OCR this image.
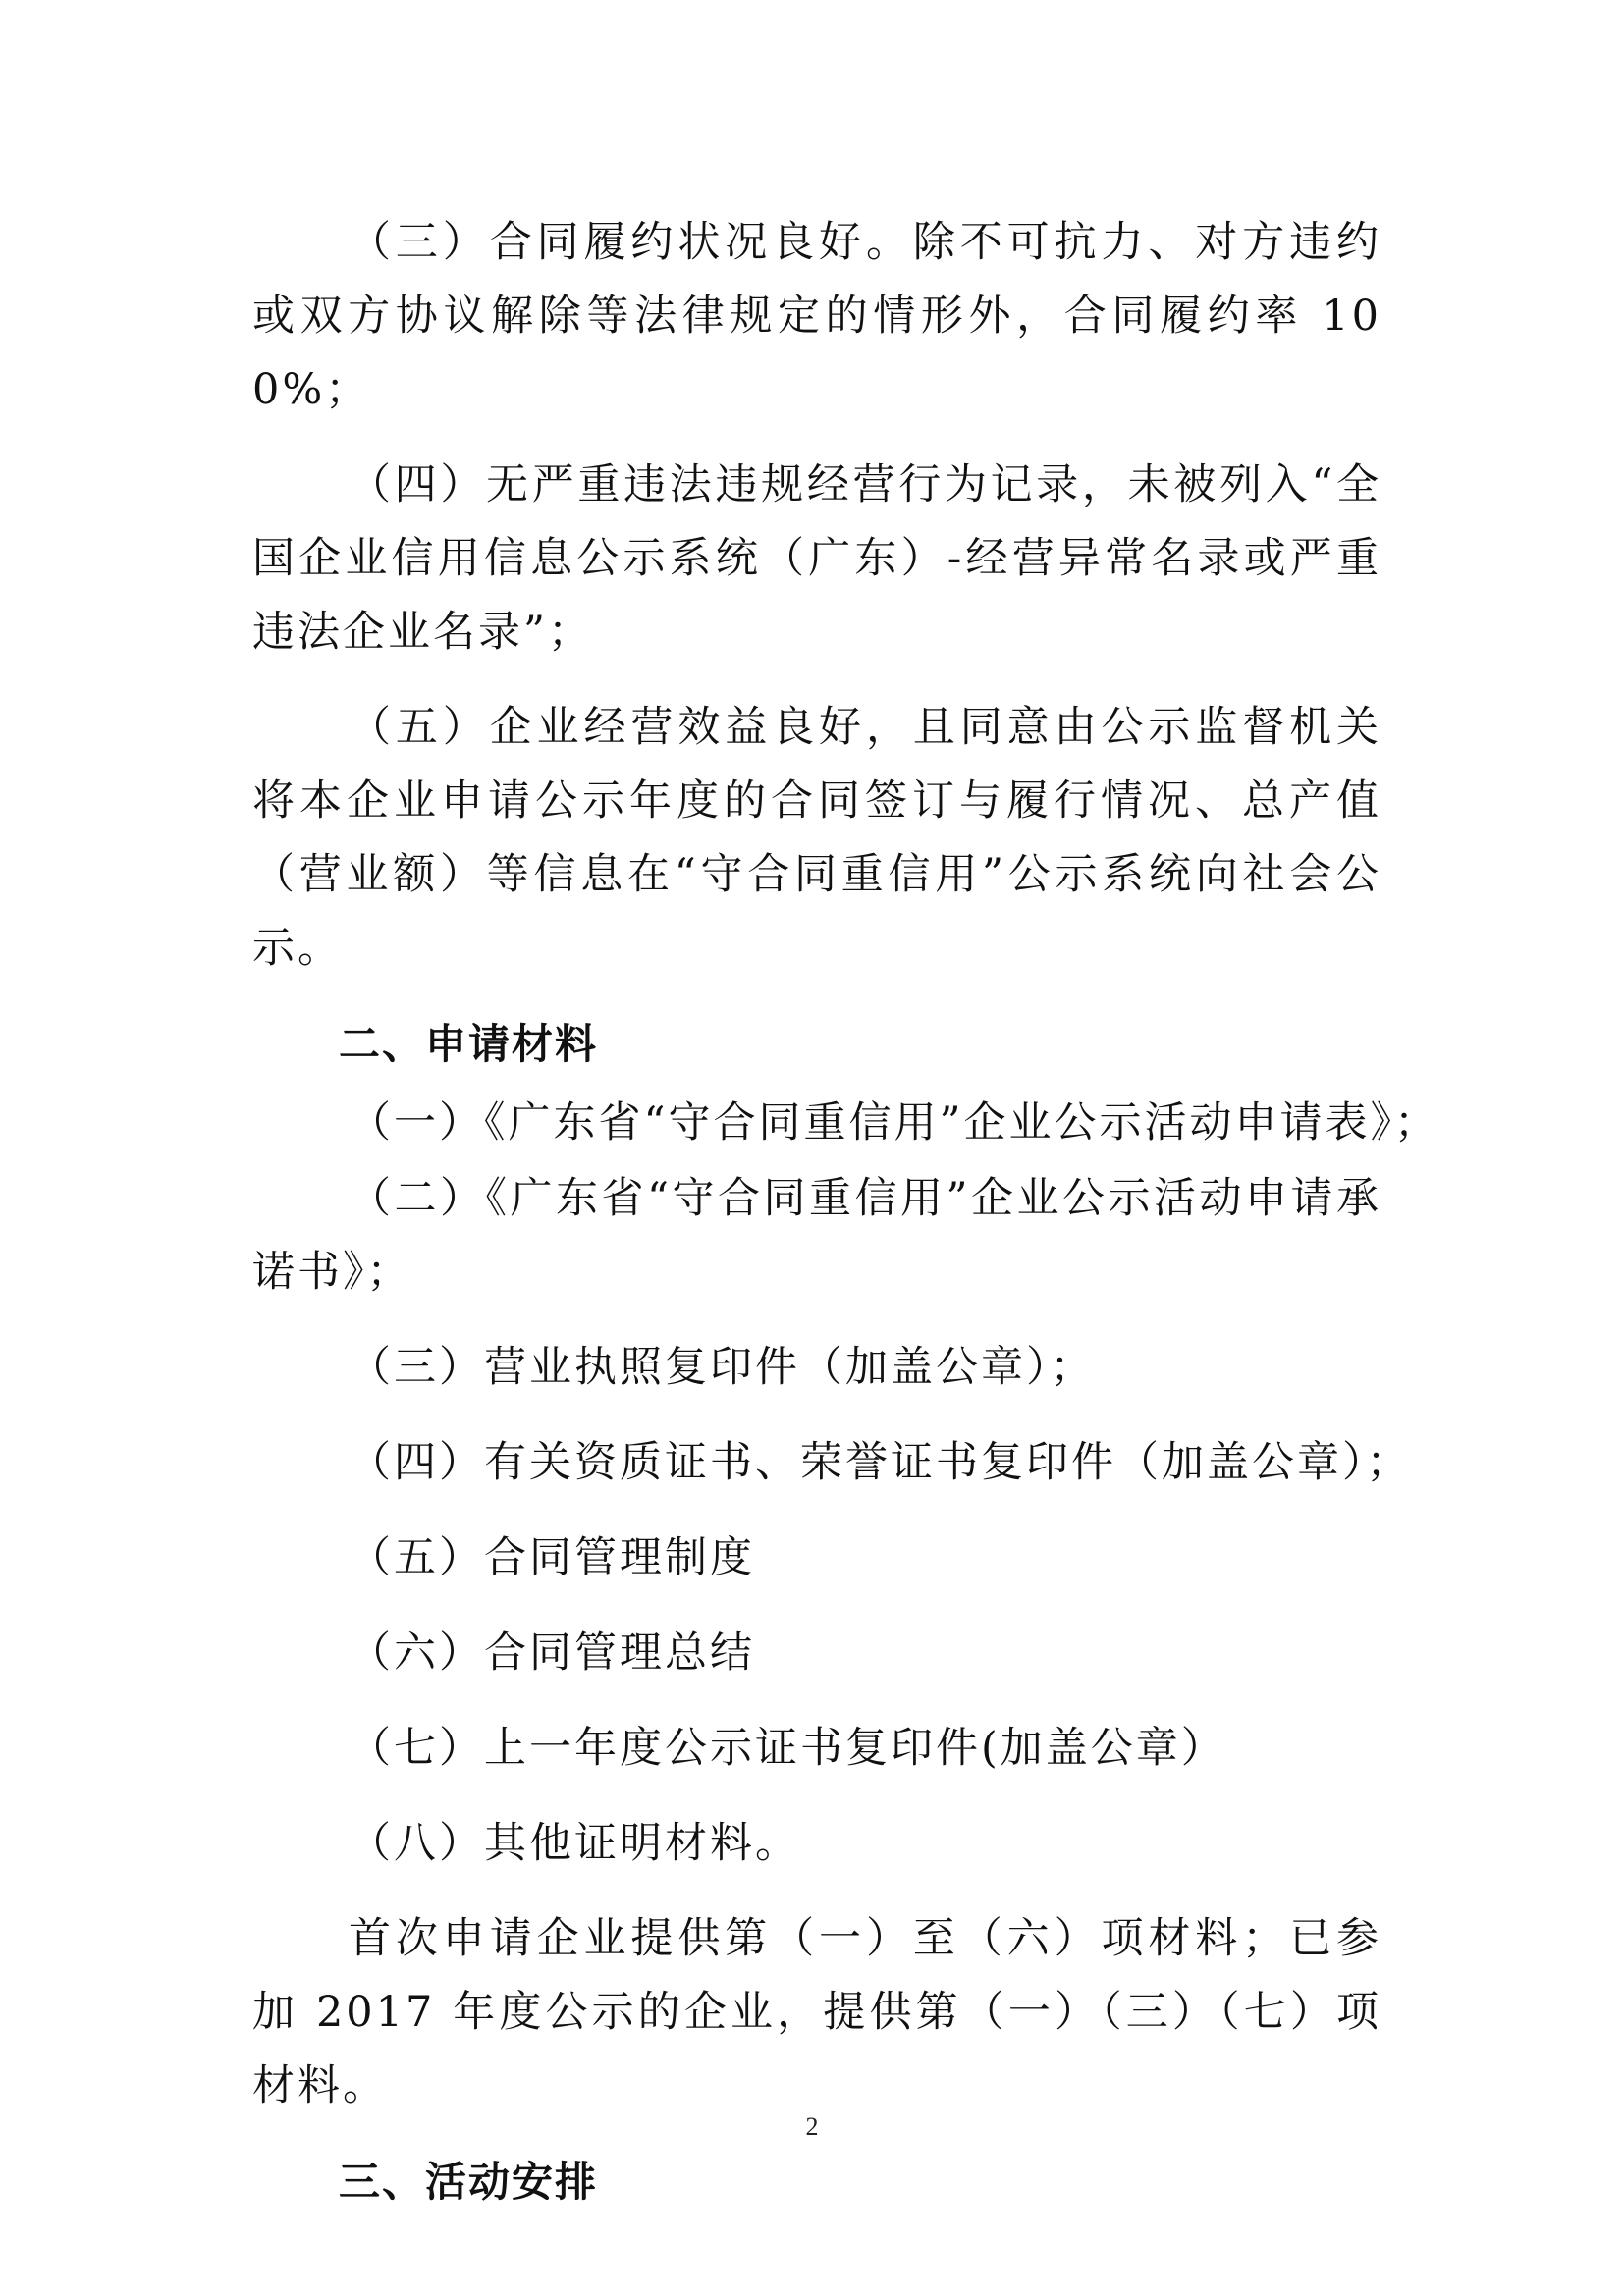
（三）合同履约状况良好。除不可抗力、对方违约或双方协议解除等法律规定的情形外，合同履约率 100%；

（四）无严重违法违规经营行为记录，未被列入“全国企业信用信息公示系统（广东）-经营异常名录或严重违法企业名录”；

（五）企业经营效益良好，且同意由公示监督机关将本企业申请公示年度的合同签订与履行情况、总产值（营业额）等信息在“守合同重信用”公示系统向社会公示。

二、申请材料
（一）《广东省“守合同重信用”企业公示活动申请表》；
（二）《广东省“守合同重信用”企业公示活动申请承诺书》；
（三）营业执照复印件（加盖公章）；
（四）有关资质证书、荣誉证书复印件（加盖公章）；
（五）合同管理制度
（六）合同管理总结
（七）上一年度公示证书复印件(加盖公章）
（八）其他证明材料。

首次申请企业提供第（一）至（六）项材料；已参加 2017 年度公示的企业，提供第（一）（三）（七）项材料。

三、活动安排
2
